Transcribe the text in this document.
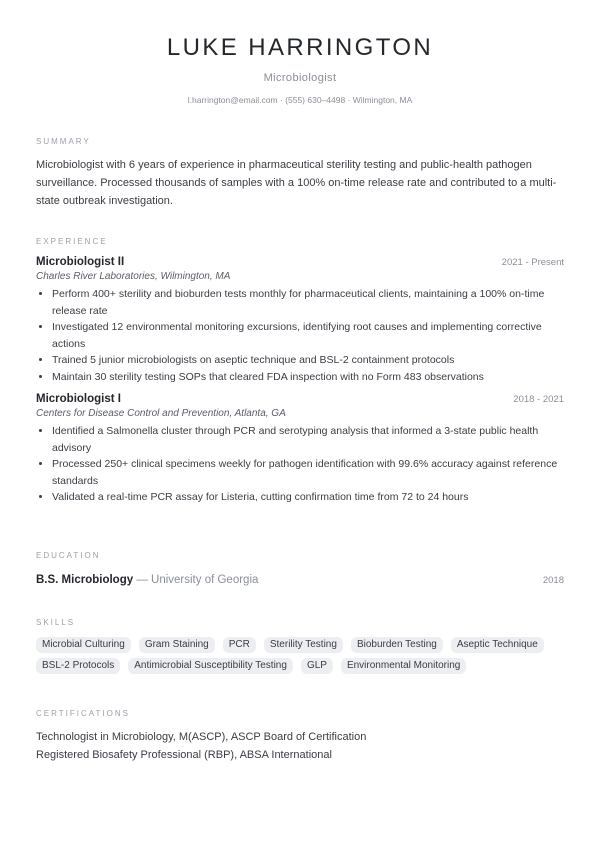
LUKE HARRINGTON
Microbiologist
l.harrington@email.com · (555) 630–4498 · Wilmington, MA
SUMMARY
Microbiologist with 6 years of experience in pharmaceutical sterility testing and public-health pathogen surveillance. Processed thousands of samples with a 100% on-time release rate and contributed to a multi-state outbreak investigation.
EXPERIENCE
Microbiologist II	2021 - Present
Charles River Laboratories, Wilmington, MA
• Perform 400+ sterility and bioburden tests monthly for pharmaceutical clients, maintaining a 100% on-time release rate
• Investigated 12 environmental monitoring excursions, identifying root causes and implementing corrective actions
• Trained 5 junior microbiologists on aseptic technique and BSL-2 containment protocols
• Maintain 30 sterility testing SOPs that cleared FDA inspection with no Form 483 observations
Microbiologist I	2018 - 2021
Centers for Disease Control and Prevention, Atlanta, GA
• Identified a Salmonella cluster through PCR and serotyping analysis that informed a 3-state public health advisory
• Processed 250+ clinical specimens weekly for pathogen identification with 99.6% accuracy against reference standards
• Validated a real-time PCR assay for Listeria, cutting confirmation time from 72 to 24 hours
EDUCATION
B.S. Microbiology — University of Georgia	2018
SKILLS
Microbial Culturing	Gram Staining	PCR	Sterility Testing	Bioburden Testing	Aseptic Technique
BSL-2 Protocols	Antimicrobial Susceptibility Testing	GLP	Environmental Monitoring
CERTIFICATIONS
Technologist in Microbiology, M(ASCP), ASCP Board of Certification
Registered Biosafety Professional (RBP), ABSA International
